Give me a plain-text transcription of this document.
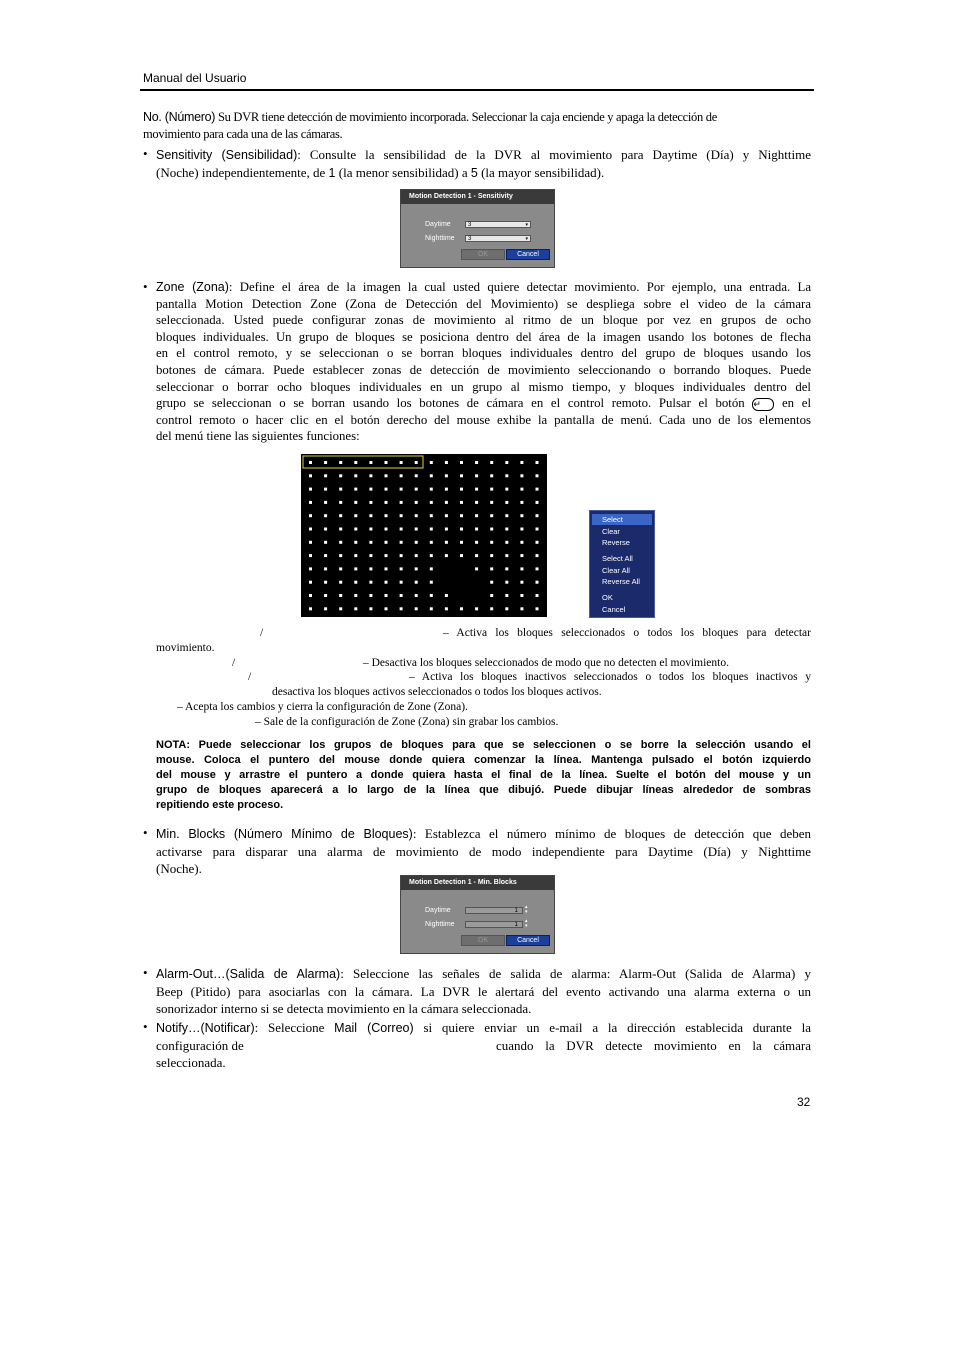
Manual del Usuario
No. (Número) Su DVR tiene detección de movimiento incorporada. Seleccionar la caja enciende y apaga la detección de
movimiento para cada una de las cámaras.
• Sensitivity (Sensibilidad): Consulte la sensibilidad de la DVR al movimiento para Daytime (Día) y Nighttime
(Noche) independientemente, de 1 (la menor sensibilidad) a 5 (la mayor sensibilidad).
Motion Detection 1 - Sensitivity
Daytime	3	▾
Nighttime	3	▾
OK	Cancel
• Zone (Zona): Define el área de la imagen la cual usted quiere detectar movimiento. Por ejemplo, una entrada. La
pantalla Motion Detection Zone (Zona de Detección del Movimiento) se despliega sobre el video de la cámara
seleccionada. Usted puede configurar zonas de movimiento al ritmo de un bloque por vez en grupos de ocho
bloques individuales. Un grupo de bloques se posiciona dentro del área de la imagen usando los botones de flecha
en el control remoto, y se seleccionan o se borran bloques individuales dentro del grupo de bloques usando los
botones de cámara. Puede establecer zonas de detección de movimiento seleccionando o borrando bloques. Puede
seleccionar o borrar ocho bloques individuales en un grupo al mismo tiempo, y bloques individuales dentro del
grupo se seleccionan o se borran usando los botones de cámara en el control remoto. Pulsar el botón ↵ en el
control remoto o hacer clic en el botón derecho del mouse exhibe la pantalla de menú. Cada uno de los elementos
del menú tiene las siguientes funciones:
Select
Clear
Reverse
Select All
Clear All
Reverse All
OK
Cancel
/	– Activa los bloques seleccionados o todos los bloques para detectar
movimiento.
/	– Desactiva los bloques seleccionados de modo que no detecten el movimiento.
/	– Activa los bloques inactivos seleccionados o todos los bloques inactivos y
desactiva los bloques activos seleccionados o todos los bloques activos.
– Acepta los cambios y cierra la configuración de Zone (Zona).
– Sale de la configuración de Zone (Zona) sin grabar los cambios.
NOTA: Puede seleccionar los grupos de bloques para que se seleccionen o se borre la selección usando el
mouse. Coloca el puntero del mouse donde quiera comenzar la línea. Mantenga pulsado el botón izquierdo
del mouse y arrastre el puntero a donde quiera hasta el final de la línea. Suelte el botón del mouse y un
grupo de bloques aparecerá a lo largo de la línea que dibujó. Puede dibujar líneas alrededor de sombras
repitiendo este proceso.
• Min. Blocks (Número Mínimo de Bloques): Establezca el número mínimo de bloques de detección que deben
activarse para disparar una alarma de movimiento de modo independiente para Daytime (Día) y Nighttime
(Noche).
Motion Detection 1 - Min. Blocks
Daytime	1
▴
▾
Nighttime	1
▴
▾
OK	Cancel
• Alarm-Out…(Salida de Alarma): Seleccione las señales de salida de alarma: Alarm-Out (Salida de Alarma) y
Beep (Pitido) para asociarlas con la cámara. La DVR le alertará del evento activando una alarma externa o un
sonorizador interno si se detecta movimiento en la cámara seleccionada.
• Notify…(Notificar): Seleccione Mail (Correo) si quiere enviar un e-mail a la dirección establecida durante la
configuración de	cuando la DVR detecte movimiento en la cámara
seleccionada.
32
